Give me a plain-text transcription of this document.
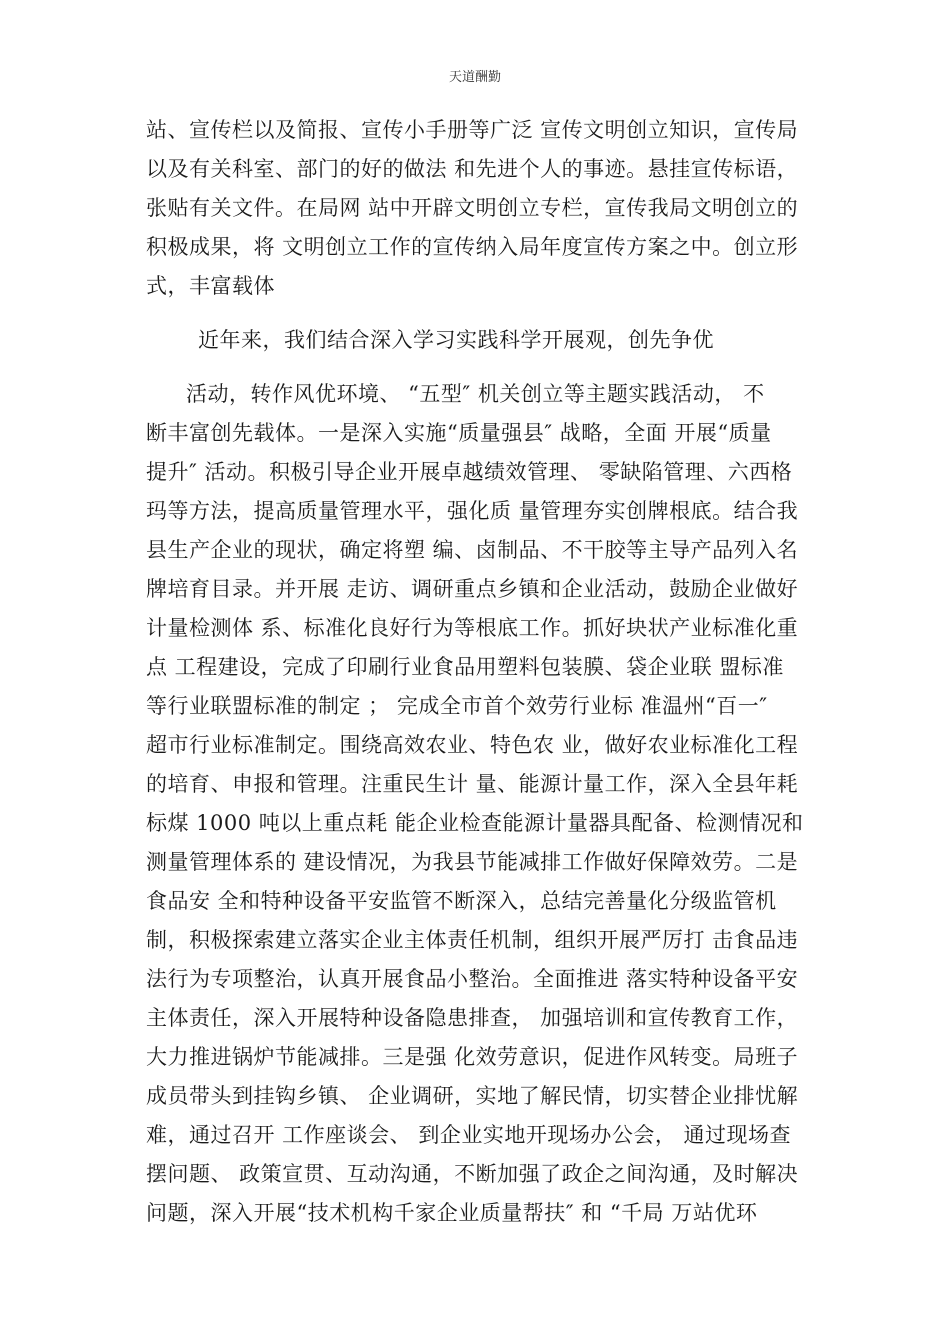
天道酬勤
站、宣传栏以及简报、宣传小手册等广泛 宣传文明创立知识，宣传局
以及有关科室、部门的好的做法 和先进个人的事迹。悬挂宣传标语，
张贴有关文件。在局网 站中开辟文明创立专栏，宣传我局文明创立的
积极成果，将 文明创立工作的宣传纳入局年度宣传方案之中。创立形
式，丰富载体
近年来，我们结合深入学习实践科学开展观，创先争优
活动，转作风优环境、 “五型″ 机关创立等主题实践活动， 不
断丰富创先载体。一是深入实施“质量强县″ 战略，全面 开展“质量
提升″ 活动。积极引导企业开展卓越绩效管理、 零缺陷管理、六西格
玛等方法，提高质量管理水平，强化质 量管理夯实创牌根底。结合我
县生产企业的现状，确定将塑 编、卤制品、不干胶等主导产品列入名
牌培育目录。并开展 走访、调研重点乡镇和企业活动，鼓励企业做好
计量检测体 系、标准化良好行为等根底工作。抓好块状产业标准化重
点 工程建设，完成了印刷行业食品用塑料包装膜、袋企业联 盟标准
等行业联盟标准的制定 ； 完成全市首个效劳行业标 准温州“百一″
超市行业标准制定。围绕高效农业、特色农 业，做好农业标准化工程
的培育、申报和管理。注重民生计 量、能源计量工作，深入全县年耗
标煤 1000 吨以上重点耗 能企业检查能源计量器具配备、检测情况和
测量管理体系的 建设情况，为我县节能减排工作做好保障效劳。二是
食品安 全和特种设备平安监管不断深入，总结完善量化分级监管机
制，积极探索建立落实企业主体责任机制，组织开展严厉打 击食品违
法行为专项整治，认真开展食品小整治。全面推进 落实特种设备平安
主体责任，深入开展特种设备隐患排查， 加强培训和宣传教育工作，
大力推进锅炉节能减排。三是强 化效劳意识，促进作风转变。局班子
成员带头到挂钩乡镇、 企业调研，实地了解民情，切实替企业排忧解
难，通过召开 工作座谈会、 到企业实地开现场办公会， 通过现场查
摆问题、 政策宣贯、互动沟通，不断加强了政企之间沟通，及时解决
问题，深入开展“技术机构千家企业质量帮扶″ 和 “千局 万站优环
